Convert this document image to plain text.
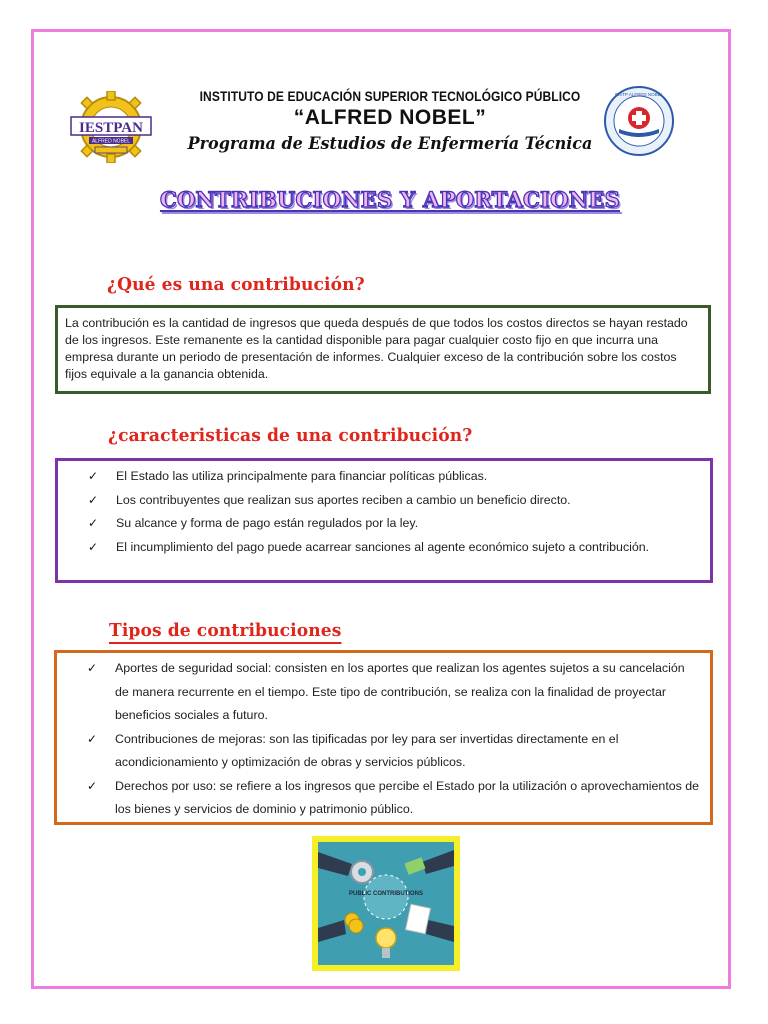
IESTPAN
ALFRED NOBEL
IESTP ALFRED NOBEL
INSTITUTO DE EDUCACIÓN SUPERIOR TECNOLÓGICO PÚBLICO
“ALFRED NOBEL”
Programa de Estudios de Enfermería Técnica
CONTRIBUCIONES Y APORTACIONES
¿Qué es una contribución?
La contribución es la cantidad de ingresos que queda después de que todos los costos directos se hayan restado de los ingresos. Este remanente es la cantidad disponible para pagar cualquier costo fijo en que incurra una empresa durante un periodo de presentación de informes. Cualquier exceso de la contribución sobre los costos fijos equivale a la ganancia obtenida.
¿caracteristicas de una contribución?
✓ El Estado las utiliza principalmente para financiar políticas públicas.
✓ Los contribuyentes que realizan sus aportes reciben a cambio un beneficio directo.
✓ Su alcance y forma de pago están regulados por la ley.
✓ El incumplimiento del pago puede acarrear sanciones al agente económico sujeto a contribución.
Tipos de contribuciones
✓ Aportes de seguridad social: consisten en los aportes que realizan los agentes sujetos a su cancelación de manera recurrente en el tiempo. Este tipo de contribución, se realiza con la finalidad de proyectar beneficios sociales a futuro.
✓ Contribuciones de mejoras: son las tipificadas por ley para ser invertidas directamente en el acondicionamiento y optimización de obras y servicios públicos.
✓ Derechos por uso: se refiere a los ingresos que percibe el Estado por la utilización o aprovechamientos de los bienes y servicios de dominio y patrimonio público.
PUBLIC CONTRIBUTIONS
